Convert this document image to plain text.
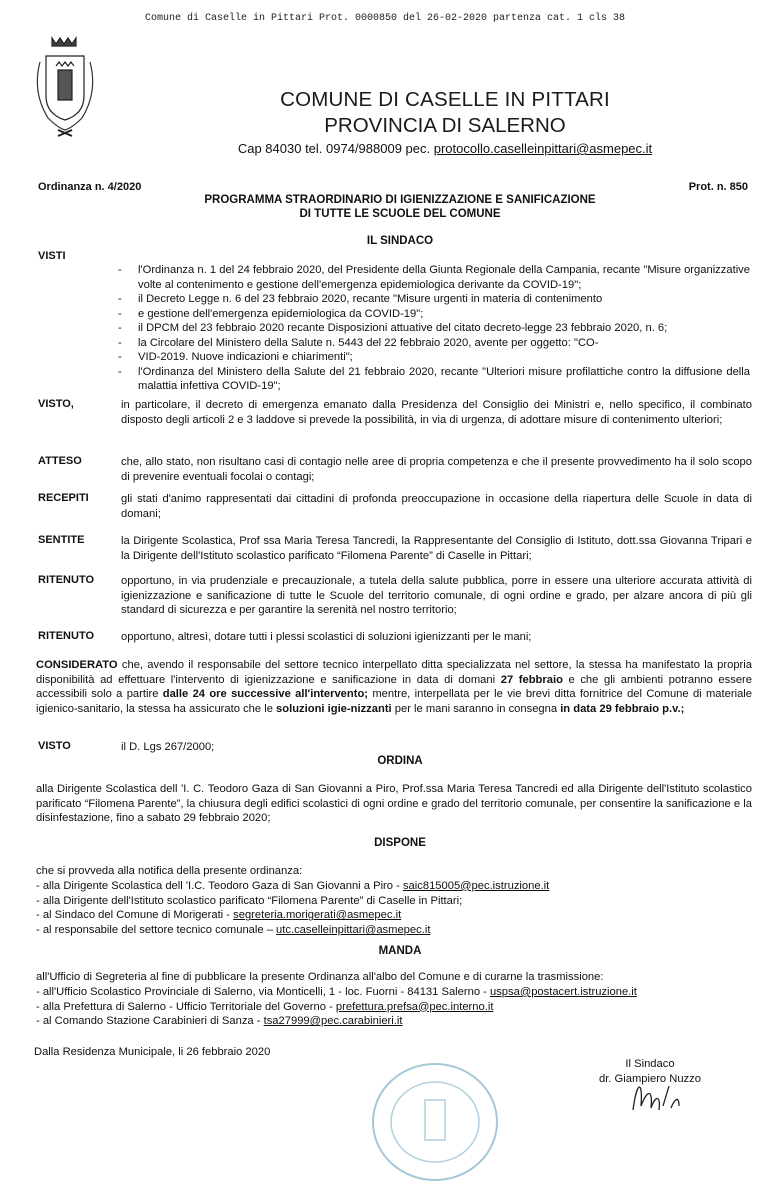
Comune di Caselle in Pittari Prot. 0000850 del 26-02-2020 partenza cat. 1 cls 38
COMUNE DI CASELLE IN PITTARI
PROVINCIA DI SALERNO
Cap 84030 tel. 0974/988009 pec. protocollo.caselleinpittari@asmepec.it
Ordinanza n. 4/2020	Prot. n. 850
PROGRAMMA STRAORDINARIO DI IGIENIZZAZIONE E SANIFICAZIONE
DI TUTTE LE SCUOLE DEL COMUNE
IL SINDACO
VISTI
- l'Ordinanza n. 1 del 24 febbraio 2020, del Presidente della Giunta Regionale della Campania, recante "Misure organizzative volte al contenimento e gestione dell'emergenza epidemiologica derivante da COVID-19";
- il Decreto Legge n. 6 del 23 febbraio 2020, recante "Misure urgenti in materia di contenimento
- e gestione dell'emergenza epidemiologica da COVID-19";
- il DPCM del 23 febbraio 2020 recante Disposizioni attuative del citato decreto-legge 23 febbraio 2020, n. 6;
- la Circolare del Ministero della Salute n. 5443 del 22 febbraio 2020, avente per oggetto: "CO-
- VID-2019. Nuove indicazioni e chiarimenti";
- l'Ordinanza del Ministero della Salute del 21 febbraio 2020, recante "Ulteriori misure profilattiche contro la diffusione della malattia infettiva COVID-19";
VISTO,	in particolare, il decreto di emergenza emanato dalla Presidenza del Consiglio dei Ministri e, nello specifico, il combinato disposto degli articoli 2 e 3 laddove si prevede la possibilità, in via di urgenza, di adottare misure di contenimento ulteriori;
ATTESO	che, allo stato, non risultano casi di contagio nelle aree di propria competenza e che il presente provvedimento ha il solo scopo di prevenire eventuali focolai o contagi;
RECEPITI	gli stati d'animo rappresentati dai cittadini di profonda preoccupazione in occasione della riapertura delle Scuole in data di domani;
SENTITE	la Dirigente Scolastica, Prof ssa Maria Teresa Tancredi, la Rappresentante del Consiglio di Istituto, dott.ssa Giovanna Tripari e la Dirigente dell'Istituto scolastico parificato “Filomena Parente” di Caselle in Pittari;
RITENUTO opportuno, in via prudenziale e precauzionale, a tutela della salute pubblica, porre in essere una ulteriore accurata attività di igienizzazione e sanificazione di tutte le Scuole del territorio comunale, di ogni ordine e grado, per alzare ancora di più gli standard di sicurezza e per garantire la serenità nel nostro territorio;
RITENUTO opportuno, altresì, dotare tutti i plessi scolastici di soluzioni igienizzanti per le mani;
CONSIDERATO che, avendo il responsabile del settore tecnico interpellato ditta specializzata nel settore, la stessa ha manifestato la propria disponibilità ad effettuare l'intervento di igienizzazione e sanificazione in data di domani 27 febbraio e che gli ambienti potranno essere accessibili solo a partire dalle 24 ore successive all'intervento; mentre, interpellata per le vie brevi ditta fornitrice del Comune di materiale igienico-sanitario, la stessa ha assicurato che le soluzioni igie-nizzanti per le mani saranno in consegna in data 29 febbraio p.v.;
VISTO	il D. Lgs 267/2000;
ORDINA
alla Dirigente Scolastica dell 'I. C. Teodoro Gaza di San Giovanni a Piro, Prof.ssa Maria Teresa Tancredi ed alla Dirigente dell'Istituto scolastico parificato “Filomena Parente”, la chiusura degli edifici scolastici di ogni ordine e grado del territorio comunale, per consentire la sanificazione e la disinfestazione, fino a sabato 29 febbraio 2020;
DISPONE
che si provveda alla notifica della presente ordinanza:
- alla Dirigente Scolastica dell 'I.C. Teodoro Gaza di San Giovanni a Piro - saic815005@pec.istruzione.it
- alla Dirigente dell'Istituto scolastico parificato “Filomena Parente” di Caselle in Pittari;
- al Sindaco del Comune di Morigerati - segreteria.morigerati@asmepec.it
- al responsabile del settore tecnico comunale – utc.caselleinpittari@asmepec.it
MANDA
all'Ufficio di Segreteria al fine di pubblicare la presente Ordinanza all'albo del Comune e di curarne la trasmissione:
- all'Ufficio Scolastico Provinciale di Salerno, via Monticelli, 1 - loc. Fuorni - 84131 Salerno - uspsa@postacert.istruzione.it
- alla Prefettura di Salerno - Ufficio Territoriale del Governo - prefettura.prefsa@pec.interno.it
- al Comando Stazione Carabinieri di Sanza - tsa27999@pec.carabinieri.it
Dalla Residenza Municipale, li 26 febbraio 2020
Il Sindaco
dr. Giampiero Nuzzo
